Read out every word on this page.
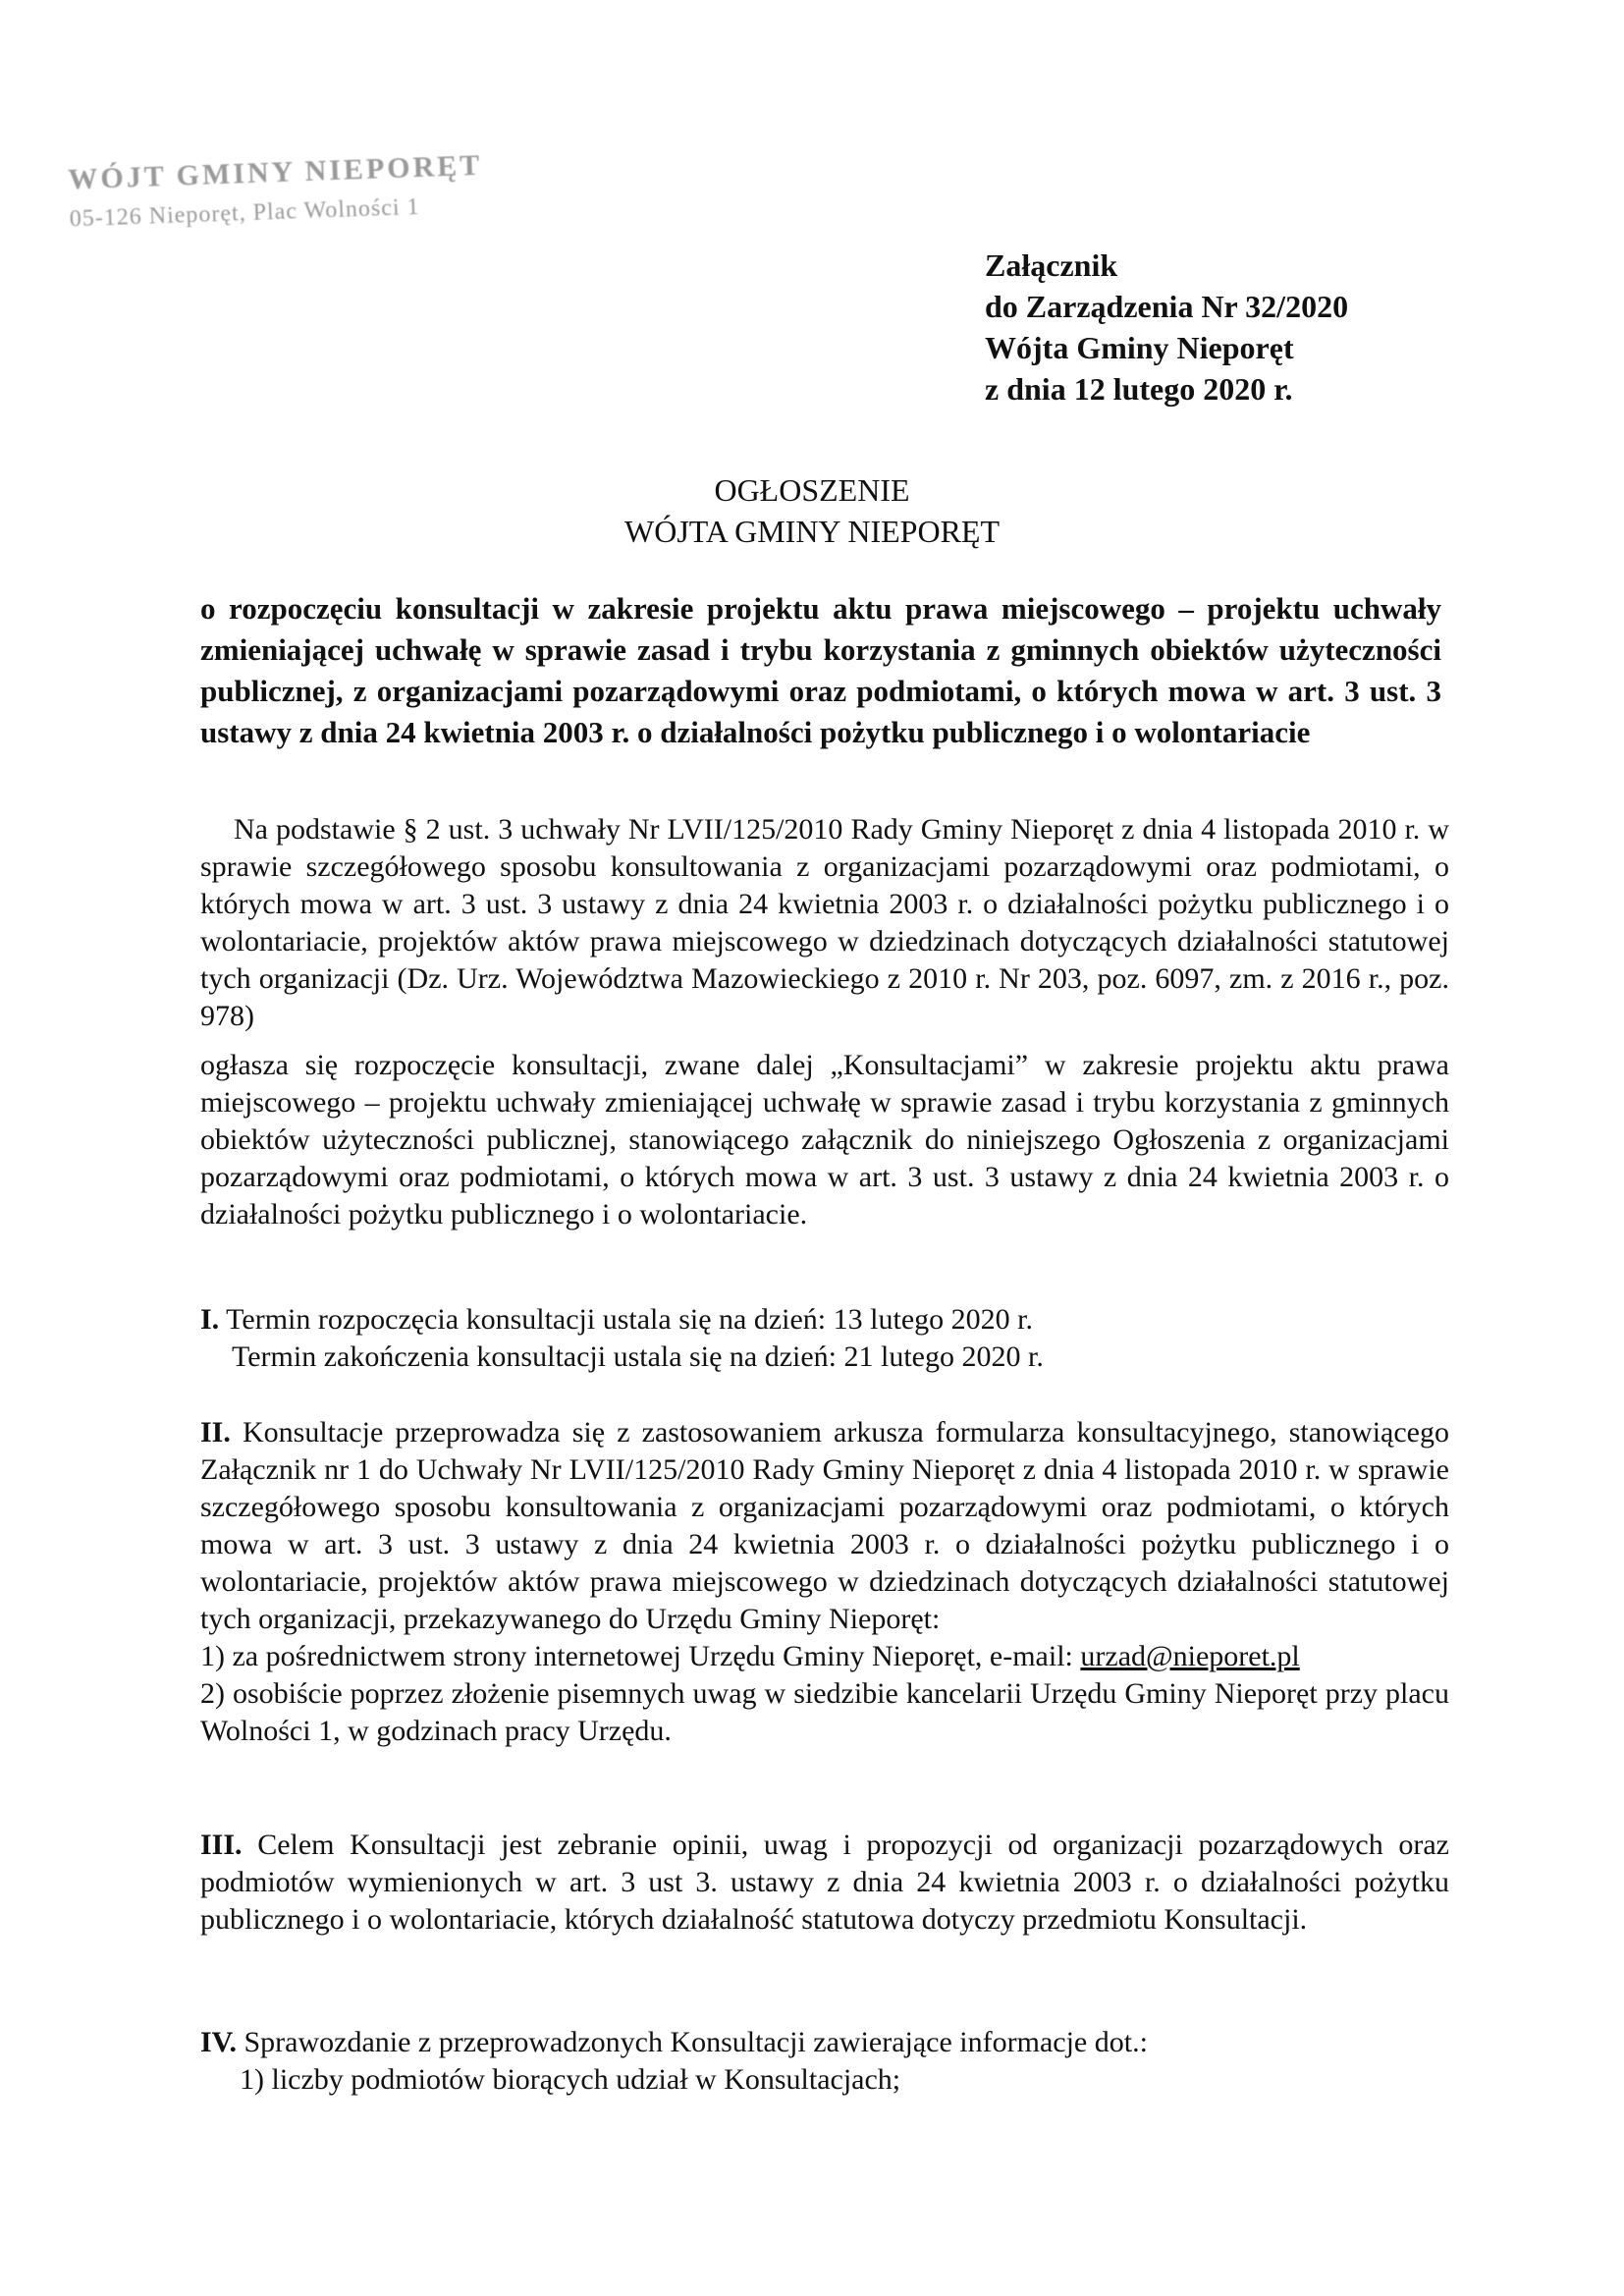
WÓJT GMINY NIEPORĘT
05-126 Nieporęt, Plac Wolności 1
Załącznik
do Zarządzenia Nr 32/2020
Wójta Gminy Nieporęt
z dnia 12 lutego 2020 r.
OGŁOSZENIE
WÓJTA GMINY NIEPORĘT
o rozpoczęciu konsultacji w zakresie projektu aktu prawa miejscowego – projektu uchwały zmieniającej uchwałę w sprawie zasad i trybu korzystania z gminnych obiektów użyteczności publicznej, z organizacjami pozarządowymi oraz podmiotami, o których mowa w art. 3 ust. 3 ustawy z dnia 24 kwietnia 2003 r. o działalności pożytku publicznego i o wolontariacie
Na podstawie § 2 ust. 3 uchwały Nr LVII/125/2010 Rady Gminy Nieporęt z dnia 4 listopada 2010 r. w sprawie szczegółowego sposobu konsultowania z organizacjami pozarządowymi oraz podmiotami, o których mowa w art. 3 ust. 3 ustawy z dnia 24 kwietnia 2003 r. o działalności pożytku publicznego i o wolontariacie, projektów aktów prawa miejscowego w dziedzinach dotyczących działalności statutowej tych organizacji (Dz. Urz. Województwa Mazowieckiego z 2010 r. Nr 203, poz. 6097, zm. z 2016 r., poz. 978)
ogłasza się rozpoczęcie konsultacji, zwane dalej „Konsultacjami” w zakresie projektu aktu prawa miejscowego – projektu uchwały zmieniającej uchwałę w sprawie zasad i trybu korzystania z gminnych obiektów użyteczności publicznej, stanowiącego załącznik do niniejszego Ogłoszenia z organizacjami pozarządowymi oraz podmiotami, o których mowa w art. 3 ust. 3 ustawy z dnia 24 kwietnia 2003 r. o działalności pożytku publicznego i o wolontariacie.
I. Termin rozpoczęcia konsultacji ustala się na dzień: 13 lutego 2020 r.
Termin zakończenia konsultacji ustala się na dzień: 21 lutego 2020 r.
II. Konsultacje przeprowadza się z zastosowaniem arkusza formularza konsultacyjnego, stanowiącego Załącznik nr 1 do Uchwały Nr LVII/125/2010 Rady Gminy Nieporęt z dnia 4 listopada 2010 r. w sprawie szczegółowego sposobu konsultowania z organizacjami pozarządowymi oraz podmiotami, o których mowa w art. 3 ust. 3 ustawy z dnia 24 kwietnia 2003 r. o działalności pożytku publicznego i o wolontariacie, projektów aktów prawa miejscowego w dziedzinach dotyczących działalności statutowej tych organizacji, przekazywanego do Urzędu Gminy Nieporęt:
1) za pośrednictwem strony internetowej Urzędu Gminy Nieporęt, e-mail: urzad@nieporet.pl
2) osobiście poprzez złożenie pisemnych uwag w siedzibie kancelarii Urzędu Gminy Nieporęt przy placu Wolności 1, w godzinach pracy Urzędu.
III. Celem Konsultacji jest zebranie opinii, uwag i propozycji od organizacji pozarządowych oraz podmiotów wymienionych w art. 3 ust 3. ustawy z dnia 24 kwietnia 2003 r. o działalności pożytku publicznego i o wolontariacie, których działalność statutowa dotyczy przedmiotu Konsultacji.
IV. Sprawozdanie z przeprowadzonych Konsultacji zawierające informacje dot.:
1) liczby podmiotów biorących udział w Konsultacjach;
